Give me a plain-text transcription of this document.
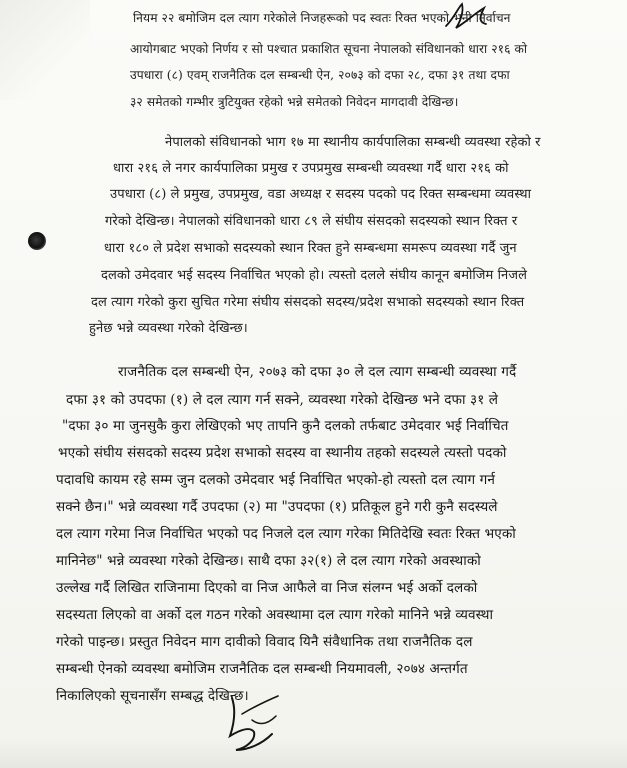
नियम २२ बमोजिम दल त्याग गरेकोले निजहरूको पद स्वतः रिक्त भएको भनी निर्वाचन
आयोगबाट भएको निर्णय र सो पश्चात प्रकाशित सूचना नेपालको संविधानको धारा २१६ को
उपधारा (८) एवम् राजनैतिक दल सम्बन्धी ऐन, २०७३ को दफा २८, दफा ३१ तथा दफा
३२ समेतको गम्भीर त्रुटियुक्त रहेको भन्ने समेतको निवेदन मागदावी देखिन्छ।
नेपालको संविधानको भाग १७ मा स्थानीय कार्यपालिका सम्बन्धी व्यवस्था रहेको र
धारा २१६ ले नगर कार्यपालिका प्रमुख र उपप्रमुख सम्बन्धी व्यवस्था गर्दै धारा २१६ को
उपधारा (८) ले प्रमुख, उपप्रमुख, वडा अध्यक्ष र सदस्य पदको पद रिक्त सम्बन्धमा व्यवस्था
गरेको देखिन्छ। नेपालको संविधानको धारा ८९ ले संघीय संसदको सदस्यको स्थान रिक्त र
धारा १८० ले प्रदेश सभाको सदस्यको स्थान रिक्त हुने सम्बन्धमा समरूप व्यवस्था गर्दै जुन
दलको उमेदवार भई सदस्य निर्वाचित भएको हो। त्यस्तो दलले संघीय कानून बमोजिम निजले
दल त्याग गरेको कुरा सुचित गरेमा संघीय संसदको सदस्य/प्रदेश सभाको सदस्यको स्थान रिक्त
हुनेछ भन्ने व्यवस्था गरेको देखिन्छ।
राजनैतिक दल सम्बन्धी ऐन, २०७३ को दफा ३० ले दल त्याग सम्बन्धी व्यवस्था गर्दै
दफा ३१ को उपदफा (१) ले दल त्याग गर्न सक्ने, व्यवस्था गरेको देखिन्छ भने दफा ३१ ले
"दफा ३० मा जुनसुकै कुरा लेखिएको भए तापनि कुनै दलको तर्फबाट उमेदवार भई निर्वाचित
भएको संघीय संसदको सदस्य प्रदेश सभाको सदस्य वा स्थानीय तहको सदस्यले त्यस्तो पदको
पदावधि कायम रहे सम्म जुन दलको उमेदवार भई निर्वाचित भएको-हो त्यस्तो दल त्याग गर्न
सक्ने छैन।" भन्ने व्यवस्था गर्दै उपदफा (२) मा "उपदफा (१) प्रतिकूल हुने गरी कुनै सदस्यले
दल त्याग गरेमा निज निर्वाचित भएको पद निजले दल त्याग गरेका मितिदेखि स्वतः रिक्त भएको
मानिनेछ" भन्ने व्यवस्था गरेको देखिन्छ। साथै दफा ३२(१) ले दल त्याग गरेको अवस्थाको
उल्लेख गर्दै लिखित राजिनामा दिएको वा निज आफैले वा निज संलग्न भई अर्को दलको
सदस्यता लिएको वा अर्को दल गठन गरेको अवस्थामा दल त्याग गरेको मानिने भन्ने व्यवस्था
गरेको पाइन्छ। प्रस्तुत निवेदन माग दावीको विवाद यिनै संवैधानिक तथा राजनैतिक दल
सम्बन्धी ऐनको व्यवस्था बमोजिम राजनैतिक दल सम्बन्धी नियमावली, २०७४ अन्तर्गत
निकालिएको सूचनासँग सम्बद्ध देखिन्छ।
